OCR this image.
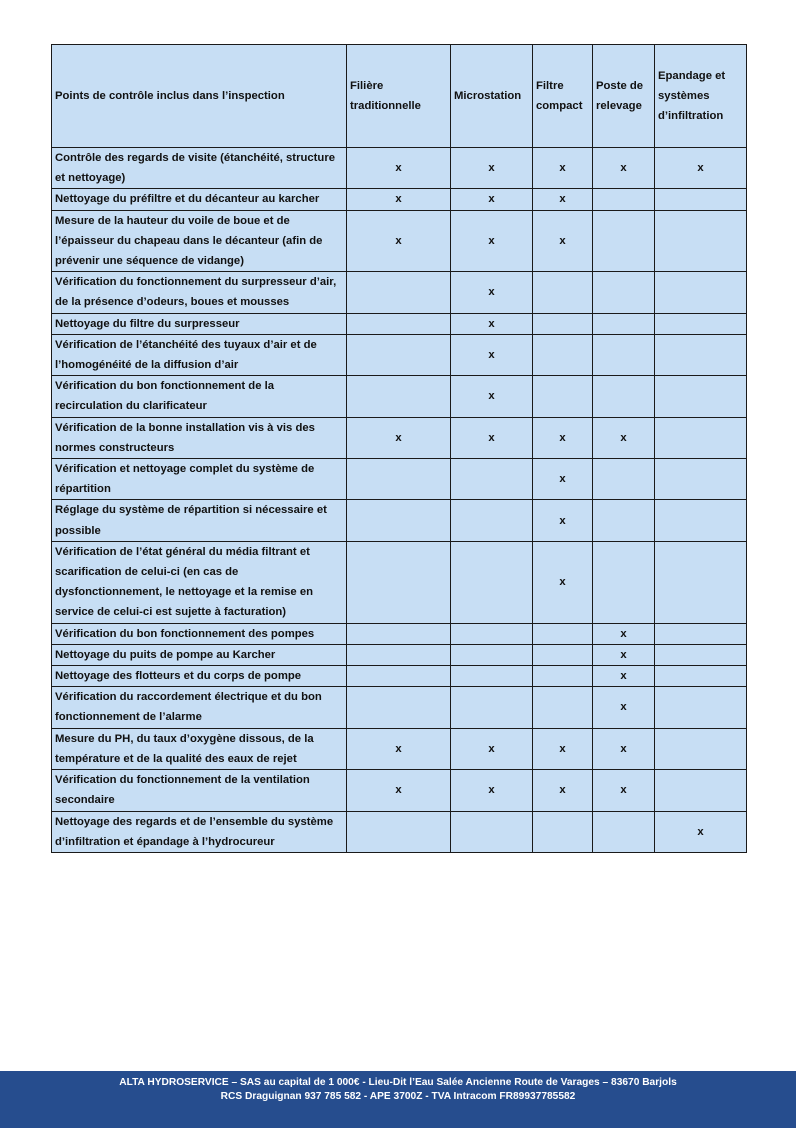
Points de contrôle inclus dans l’inspection	Filière traditionnelle	Microstation	Filtre compact	Poste de relevage	Epandage et systèmes d’infiltration
Contrôle des regards de visite (étanchéité, structure et nettoyage)	x	x	x	x	x
Nettoyage du préfiltre et du décanteur au karcher	x	x	x		
Mesure de la hauteur du voile de boue et de l’épaisseur du chapeau dans le décanteur (afin de prévenir une séquence de vidange)	x	x	x		
Vérification du fonctionnement du surpresseur d’air, de la présence d’odeurs, boues et mousses		x			
Nettoyage du filtre du surpresseur		x			
Vérification de l’étanchéité des tuyaux d’air et de l’homogénéité de la diffusion d’air		x			
Vérification du bon fonctionnement de la recirculation du clarificateur		x			
Vérification de la bonne installation vis à vis des normes constructeurs	x	x	x	x	
Vérification et nettoyage complet du système de répartition			x		
Réglage du système de répartition si nécessaire et possible			x		
Vérification de l’état général du média filtrant et scarification de celui-ci (en cas de dysfonctionnement, le nettoyage et la remise en service de celui-ci est sujette à facturation)			x		
Vérification du bon fonctionnement des pompes				x	
Nettoyage du puits de pompe au Karcher				x	
Nettoyage des flotteurs et du corps de pompe				x	
Vérification du raccordement électrique et du bon fonctionnement de l’alarme				x	
Mesure du PH, du taux d’oxygène dissous, de la température et de la qualité des eaux de rejet	x	x	x	x	
Vérification du fonctionnement de la ventilation secondaire	x	x	x	x	
Nettoyage des regards et de l’ensemble du système d’infiltration et épandage à l’hydrocureur					x
ALTA HYDROSERVICE – SAS au capital de 1 000€ - Lieu-Dit l’Eau Salée Ancienne Route de Varages – 83670 Barjols
RCS Draguignan 937 785 582 - APE 3700Z - TVA Intracom FR89937785582
